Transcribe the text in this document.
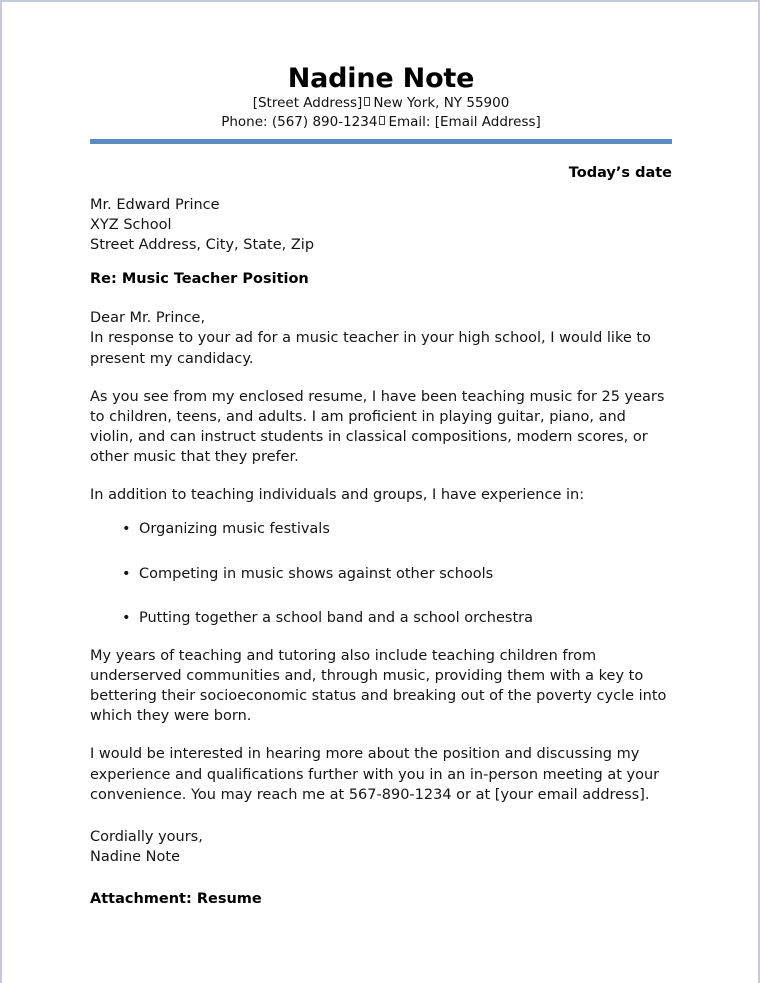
Nadine Note
[Street Address] New York, NY 55900
Phone: (567) 890-1234 Email: [Email Address]
Today’s date
Mr. Edward Prince
XYZ School
Street Address, City, State, Zip
Re: Music Teacher Position
Dear Mr. Prince,
In response to your ad for a music teacher in your high school, I would like to present my candidacy.
As you see from my enclosed resume, I have been teaching music for 25 years to children, teens, and adults. I am proficient in playing guitar, piano, and violin, and can instruct students in classical compositions, modern scores, or other music that they prefer.
In addition to teaching individuals and groups, I have experience in:
• Organizing music festivals
• Competing in music shows against other schools
• Putting together a school band and a school orchestra
My years of teaching and tutoring also include teaching children from underserved communities and, through music, providing them with a key to bettering their socioeconomic status and breaking out of the poverty cycle into which they were born.
I would be interested in hearing more about the position and discussing my experience and qualifications further with you in an in-person meeting at your convenience. You may reach me at 567-890-1234 or at [your email address].
Cordially yours,
Nadine Note
Attachment: Resume
